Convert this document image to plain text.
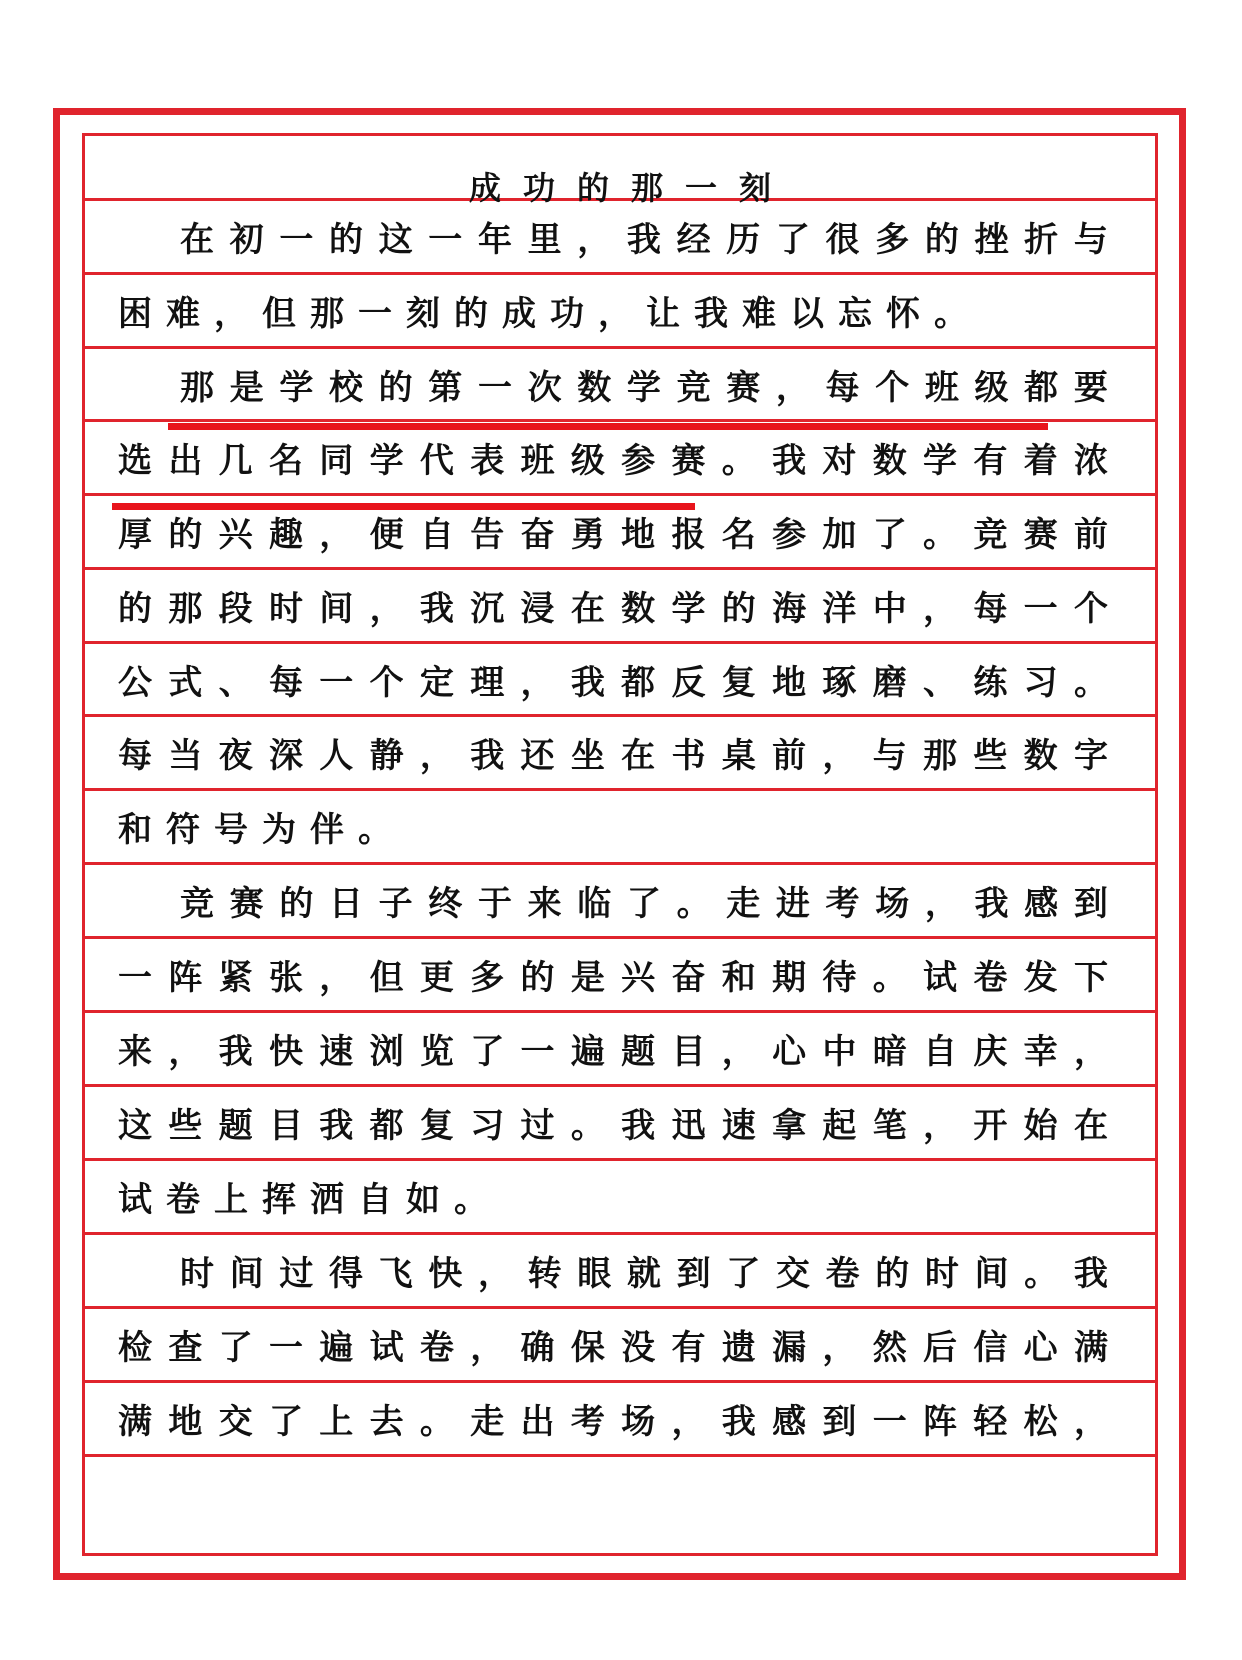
成 功 的 那 一 刻
在 初 一 的 这 一 年 里 ， 我 经 历 了 很 多 的 挫 折 与
困 难 ， 但 那 一 刻 的 成 功 ， 让 我 难 以 忘 怀 。
那 是 学 校 的 第 一 次 数 学 竞 赛 ， 每 个 班 级 都 要
选 出 几 名 同 学 代 表 班 级 参 赛 。 我 对 数 学 有 着 浓
厚 的 兴 趣 ， 便 自 告 奋 勇 地 报 名 参 加 了 。 竞 赛 前
的 那 段 时 间 ， 我 沉 浸 在 数 学 的 海 洋 中 ， 每 一 个
公 式 、 每 一 个 定 理 ， 我 都 反 复 地 琢 磨 、 练 习 。
每 当 夜 深 人 静 ， 我 还 坐 在 书 桌 前 ， 与 那 些 数 字
和 符 号 为 伴 。
竞 赛 的 日 子 终 于 来 临 了 。 走 进 考 场 ， 我 感 到
一 阵 紧 张 ， 但 更 多 的 是 兴 奋 和 期 待 。 试 卷 发 下
来 ， 我 快 速 浏 览 了 一 遍 题 目 ， 心 中 暗 自 庆 幸 ，
这 些 题 目 我 都 复 习 过 。 我 迅 速 拿 起 笔 ， 开 始 在
试 卷 上 挥 洒 自 如 。
时 间 过 得 飞 快 ， 转 眼 就 到 了 交 卷 的 时 间 。 我
检 查 了 一 遍 试 卷 ， 确 保 没 有 遗 漏 ， 然 后 信 心 满
满 地 交 了 上 去 。 走 出 考 场 ， 我 感 到 一 阵 轻 松 ，
